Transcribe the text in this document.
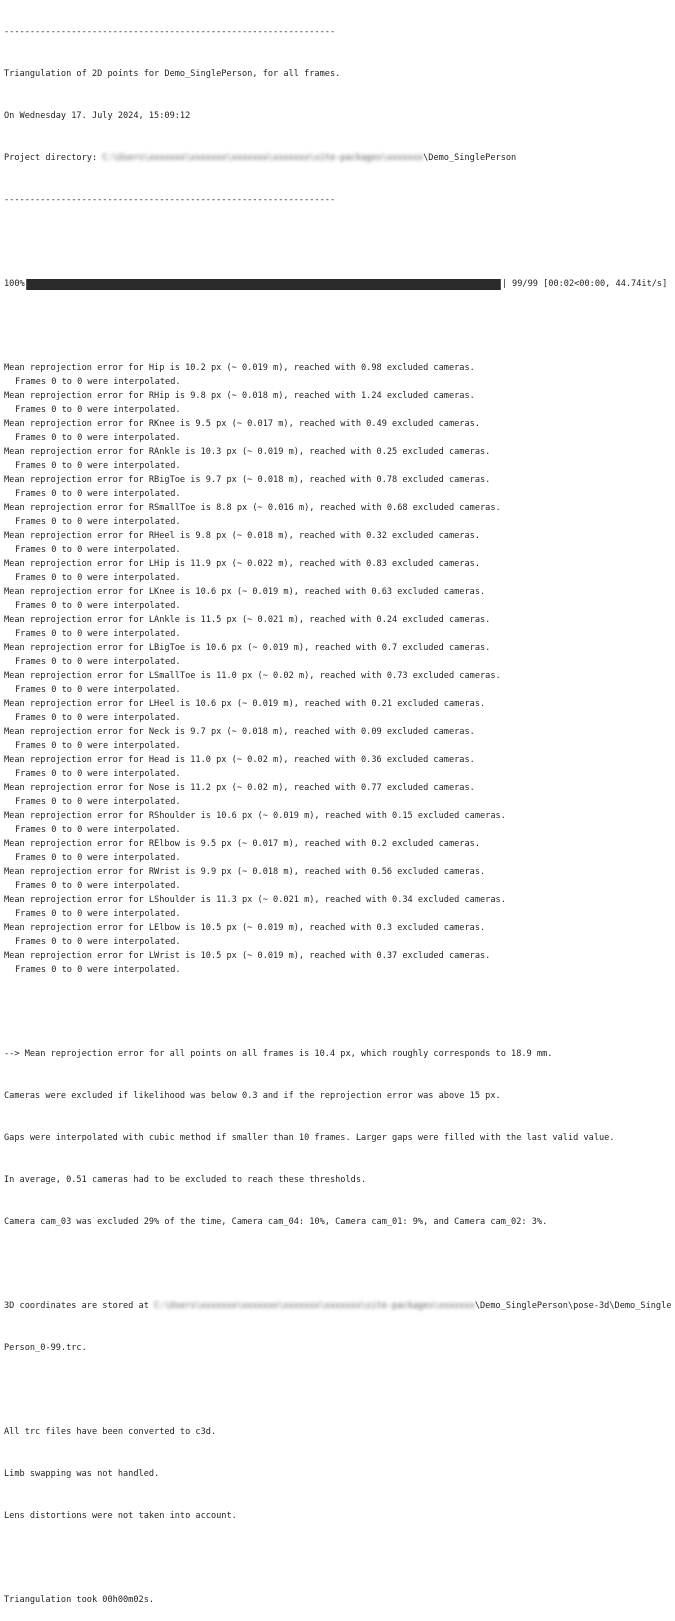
----------------------------------------------------------------

Triangulation of 2D points for Demo_SinglePerson, for all frames.

On Wednesday 17. July 2024, 15:09:12

Project directory: C:\Users\xxxxxxx\xxxxxxx\xxxxxxx\xxxxxxx\site-packages\xxxxxxx\Demo_SinglePerson

----------------------------------------------------------------

100%	| 99/99 [00:02<00:00, 44.74it/s]

Mean reprojection error for Hip is 10.2 px (~ 0.019 m), reached with 0.98 excluded cameras.
Frames 0 to 0 were interpolated.
Mean reprojection error for RHip is 9.8 px (~ 0.018 m), reached with 1.24 excluded cameras.
Frames 0 to 0 were interpolated.
Mean reprojection error for RKnee is 9.5 px (~ 0.017 m), reached with 0.49 excluded cameras.
Frames 0 to 0 were interpolated.
Mean reprojection error for RAnkle is 10.3 px (~ 0.019 m), reached with 0.25 excluded cameras.
Frames 0 to 0 were interpolated.
Mean reprojection error for RBigToe is 9.7 px (~ 0.018 m), reached with 0.78 excluded cameras.
Frames 0 to 0 were interpolated.
Mean reprojection error for RSmallToe is 8.8 px (~ 0.016 m), reached with 0.68 excluded cameras.
Frames 0 to 0 were interpolated.
Mean reprojection error for RHeel is 9.8 px (~ 0.018 m), reached with 0.32 excluded cameras.
Frames 0 to 0 were interpolated.
Mean reprojection error for LHip is 11.9 px (~ 0.022 m), reached with 0.83 excluded cameras.
Frames 0 to 0 were interpolated.
Mean reprojection error for LKnee is 10.6 px (~ 0.019 m), reached with 0.63 excluded cameras.
Frames 0 to 0 were interpolated.
Mean reprojection error for LAnkle is 11.5 px (~ 0.021 m), reached with 0.24 excluded cameras.
Frames 0 to 0 were interpolated.
Mean reprojection error for LBigToe is 10.6 px (~ 0.019 m), reached with 0.7 excluded cameras.
Frames 0 to 0 were interpolated.
Mean reprojection error for LSmallToe is 11.0 px (~ 0.02 m), reached with 0.73 excluded cameras.
Frames 0 to 0 were interpolated.
Mean reprojection error for LHeel is 10.6 px (~ 0.019 m), reached with 0.21 excluded cameras.
Frames 0 to 0 were interpolated.
Mean reprojection error for Neck is 9.7 px (~ 0.018 m), reached with 0.09 excluded cameras.
Frames 0 to 0 were interpolated.
Mean reprojection error for Head is 11.0 px (~ 0.02 m), reached with 0.36 excluded cameras.
Frames 0 to 0 were interpolated.
Mean reprojection error for Nose is 11.2 px (~ 0.02 m), reached with 0.77 excluded cameras.
Frames 0 to 0 were interpolated.
Mean reprojection error for RShoulder is 10.6 px (~ 0.019 m), reached with 0.15 excluded cameras.
Frames 0 to 0 were interpolated.
Mean reprojection error for RElbow is 9.5 px (~ 0.017 m), reached with 0.2 excluded cameras.
Frames 0 to 0 were interpolated.
Mean reprojection error for RWrist is 9.9 px (~ 0.018 m), reached with 0.56 excluded cameras.
Frames 0 to 0 were interpolated.
Mean reprojection error for LShoulder is 11.3 px (~ 0.021 m), reached with 0.34 excluded cameras.
Frames 0 to 0 were interpolated.
Mean reprojection error for LElbow is 10.5 px (~ 0.019 m), reached with 0.3 excluded cameras.
Frames 0 to 0 were interpolated.
Mean reprojection error for LWrist is 10.5 px (~ 0.019 m), reached with 0.37 excluded cameras.
Frames 0 to 0 were interpolated.

--> Mean reprojection error for all points on all frames is 10.4 px, which roughly corresponds to 18.9 mm.

Cameras were excluded if likelihood was below 0.3 and if the reprojection error was above 15 px.

Gaps were interpolated with cubic method if smaller than 10 frames. Larger gaps were filled with the last valid value.

In average, 0.51 cameras had to be excluded to reach these thresholds.

Camera cam_03 was excluded 29% of the time, Camera cam_04: 10%, Camera cam_01: 9%, and Camera cam_02: 3%.

3D coordinates are stored at C:\Users\xxxxxxx\xxxxxxx\xxxxxxx\xxxxxxx\site-packages\xxxxxxx\Demo_SinglePerson\pose-3d\Demo_Single

Person_0-99.trc.

All trc files have been converted to c3d.

Limb swapping was not handled.

Lens distortions were not taken into account.

Triangulation took 00h00m02s.
